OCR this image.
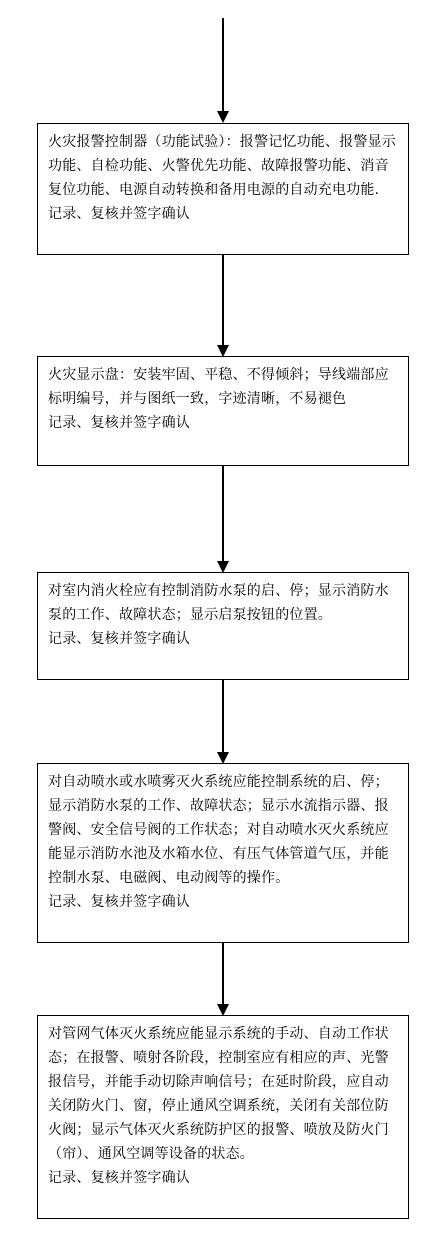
火灾报警控制器（功能试验）：报警记忆功能、报警显示功能、自检功能、火警优先功能、故障报警功能、消音复位功能、电源自动转换和备用电源的自动充电功能.

记录、复核并签字确认

火灾显示盘：安装牢固、平稳、不得倾斜；导线端部应标明编号，并与图纸一致，字迹清晰，不易褪色

记录、复核并签字确认

对室内消火栓应有控制消防水泵的启、停；显示消防水泵的工作、故障状态；显示启泵按钮的位置。

记录、复核并签字确认

对自动喷水或水喷雾灭火系统应能控制系统的启、停；显示消防水泵的工作、故障状态；显示水流指示器、报警阀、安全信号阀的工作状态；对自动喷水灭火系统应能显示消防水池及水箱水位、有压气体管道气压，并能控制水泵、电磁阀、电动阀等的操作。

记录、复核并签字确认

对管网气体灭火系统应能显示系统的手动、自动工作状态；在报警、喷射各阶段，控制室应有相应的声、光警报信号，并能手动切除声响信号；在延时阶段，应自动关闭防火门、窗，停止通风空调系统，关闭有关部位防火阀；显示气体灭火系统防护区的报警、喷放及防火门（帘）、通风空调等设备的状态。

记录、复核并签字确认
